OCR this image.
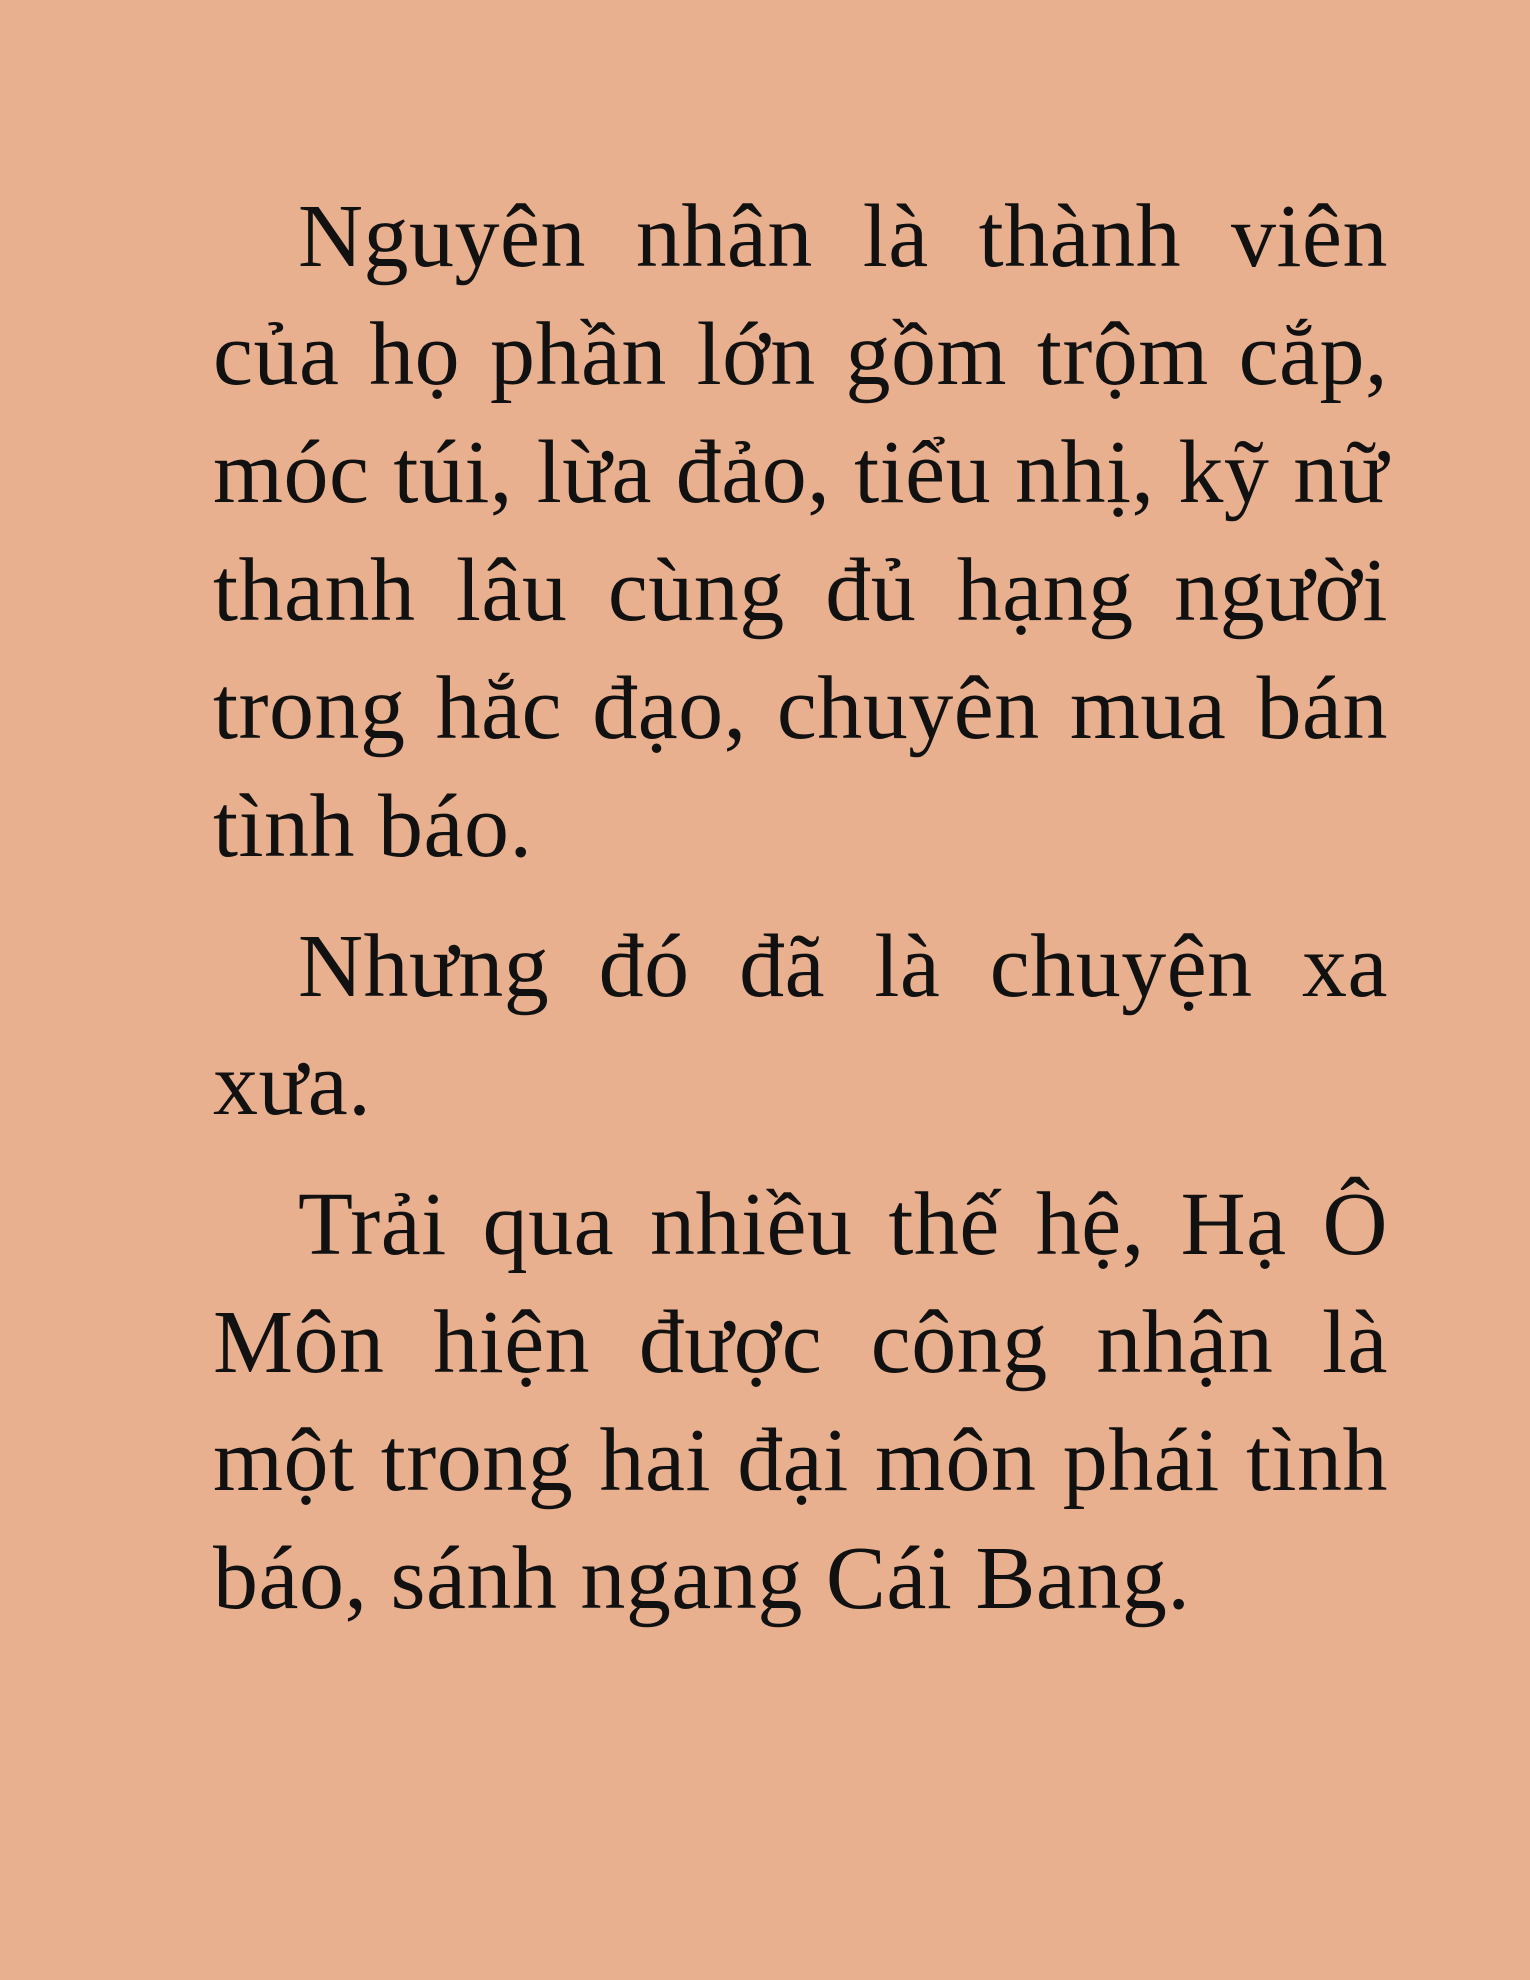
Nguyên nhân là thành viên của họ phần lớn gồm trộm cắp, móc túi, lừa đảo, tiểu nhị, kỹ nữ thanh lâu cùng đủ hạng người trong hắc đạo, chuyên mua bán tình báo.

Nhưng đó đã là chuyện xa xưa.

Trải qua nhiều thế hệ, Hạ Ô Môn hiện được công nhận là một trong hai đại môn phái tình báo, sánh ngang Cái Bang.
